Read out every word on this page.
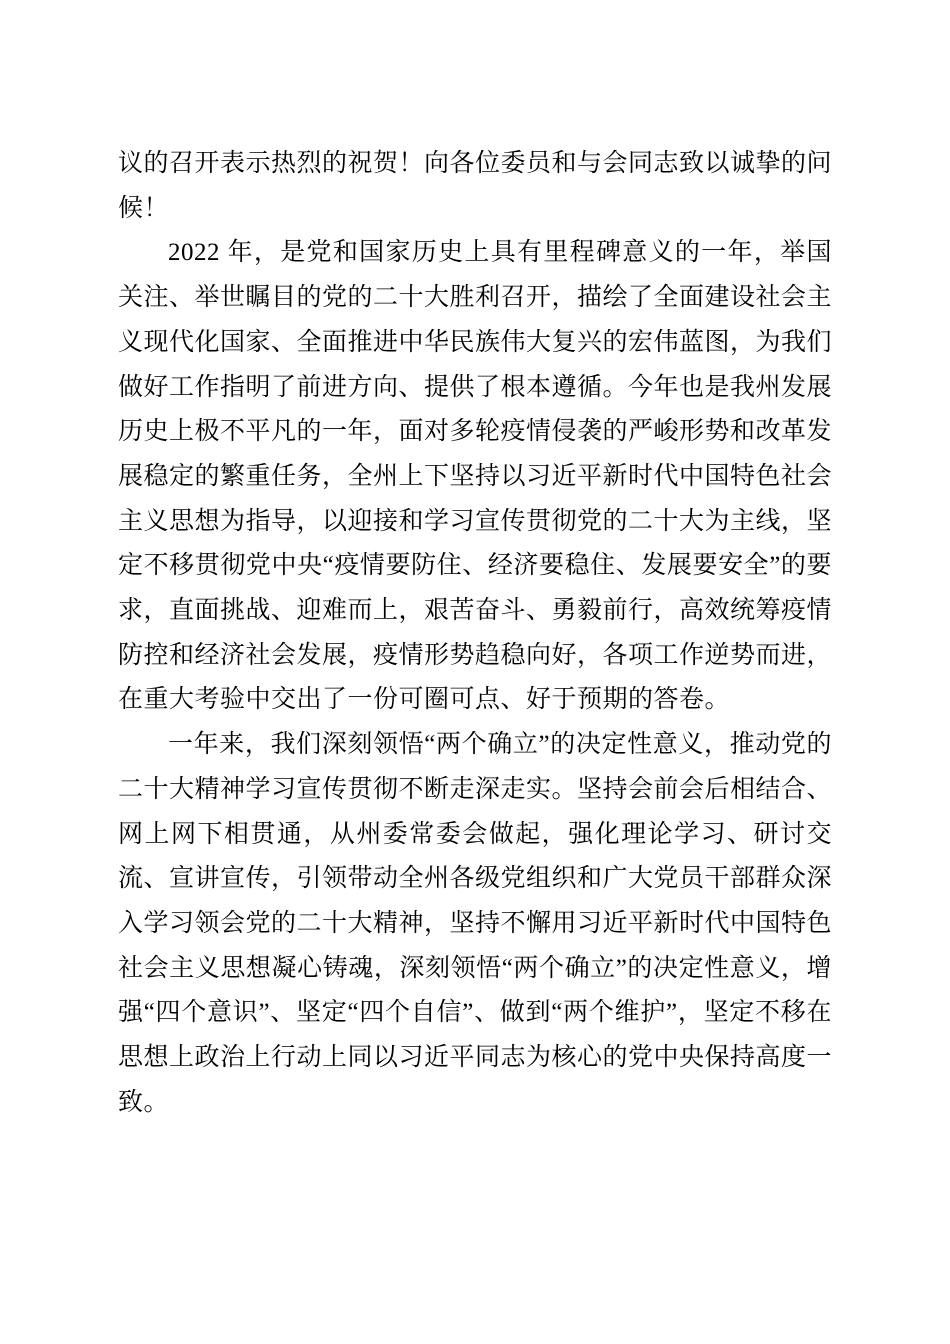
议的召开表示热烈的祝贺！向各位委员和与会同志致以诚挚的问候！

2022 年，是党和国家历史上具有里程碑意义的一年，举国关注、举世瞩目的党的二十大胜利召开，描绘了全面建设社会主义现代化国家、全面推进中华民族伟大复兴的宏伟蓝图，为我们做好工作指明了前进方向、提供了根本遵循。今年也是我州发展历史上极不平凡的一年，面对多轮疫情侵袭的严峻形势和改革发展稳定的繁重任务，全州上下坚持以习近平新时代中国特色社会主义思想为指导，以迎接和学习宣传贯彻党的二十大为主线，坚定不移贯彻党中央“疫情要防住、经济要稳住、发展要安全”的要求，直面挑战、迎难而上，艰苦奋斗、勇毅前行，高效统筹疫情防控和经济社会发展，疫情形势趋稳向好，各项工作逆势而进，在重大考验中交出了一份可圈可点、好于预期的答卷。

一年来，我们深刻领悟“两个确立”的决定性意义，推动党的二十大精神学习宣传贯彻不断走深走实。坚持会前会后相结合、网上网下相贯通，从州委常委会做起，强化理论学习、研讨交流、宣讲宣传，引领带动全州各级党组织和广大党员干部群众深入学习领会党的二十大精神，坚持不懈用习近平新时代中国特色社会主义思想凝心铸魂，深刻领悟“两个确立”的决定性意义，增强“四个意识”、坚定“四个自信”、做到“两个维护”，坚定不移在思想上政治上行动上同以习近平同志为核心的党中央保持高度一致。
